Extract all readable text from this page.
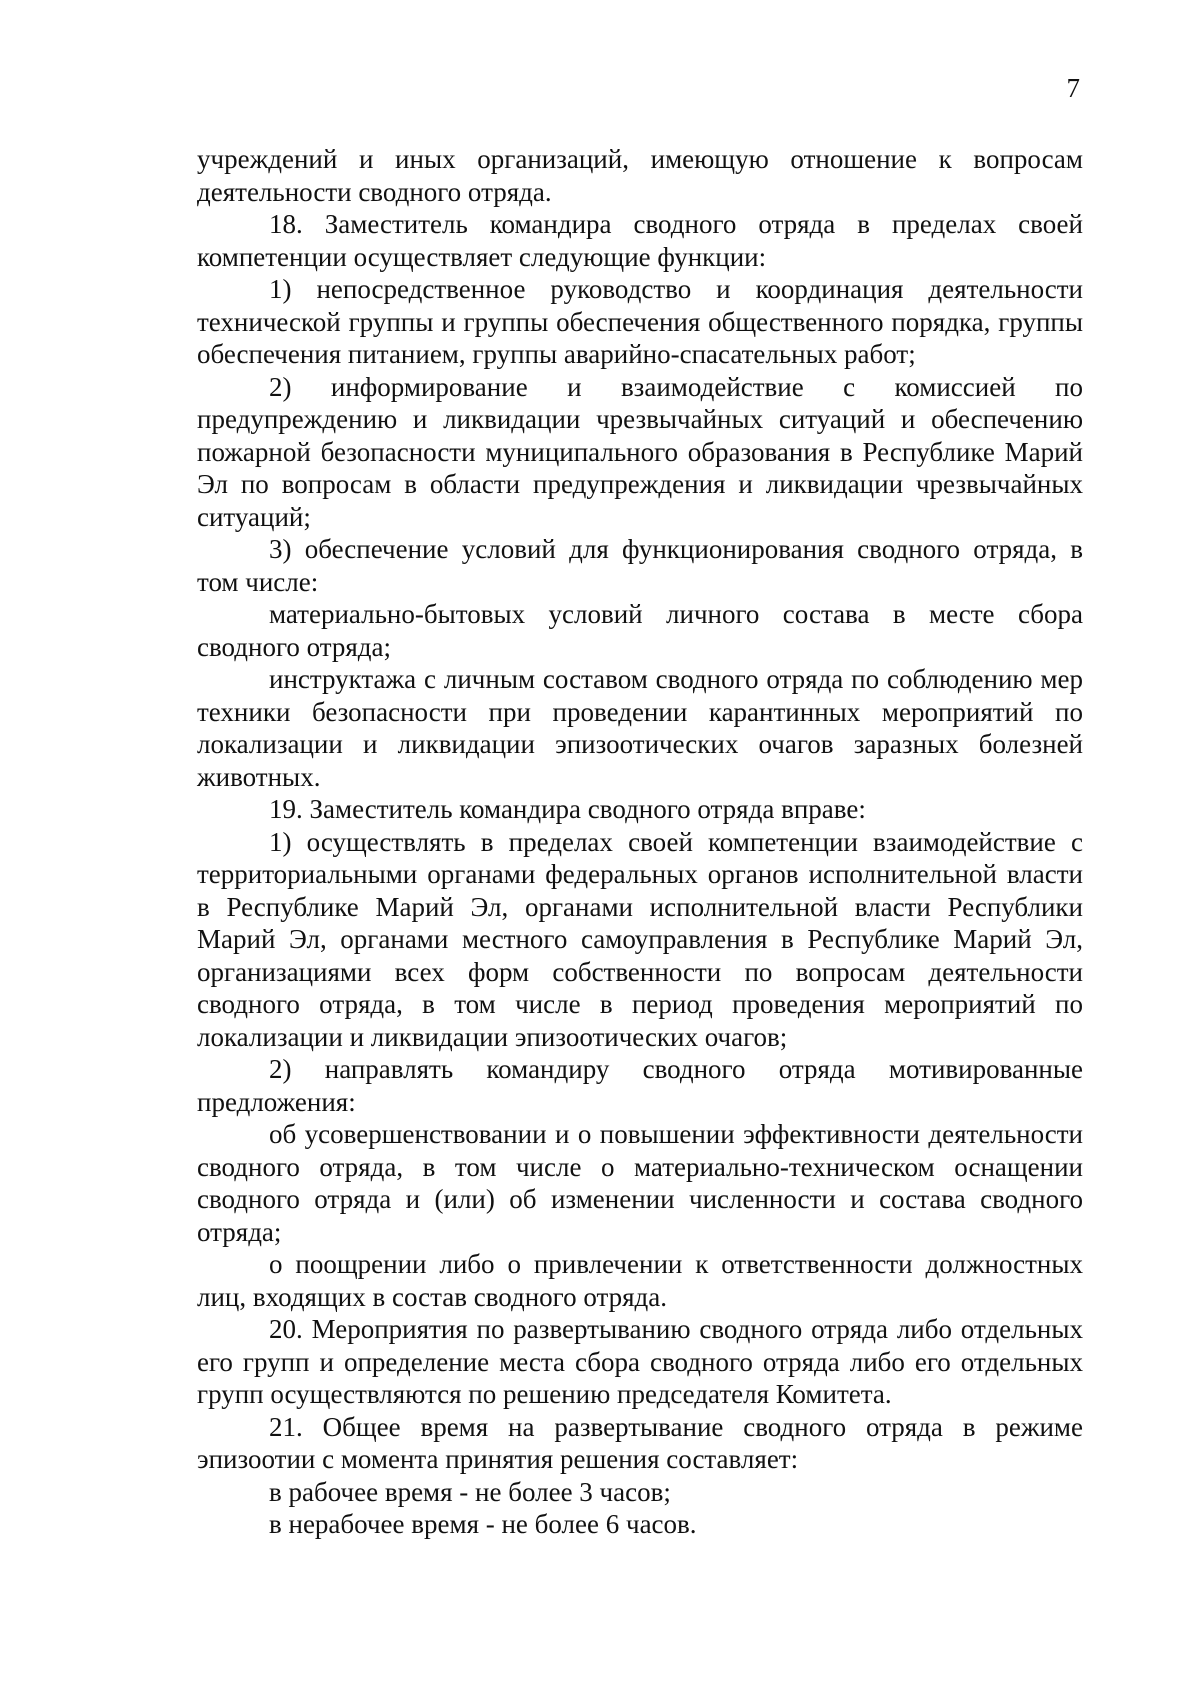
7

учреждений и иных организаций, имеющую отношение к вопросам деятельности сводного отряда.

18. Заместитель командира сводного отряда в пределах своей компетенции осуществляет следующие функции:

1) непосредственное руководство и координация деятельности технической группы и группы обеспечения общественного порядка, группы обеспечения питанием, группы аварийно-спасательных работ;

2) информирование и взаимодействие с комиссией по предупреждению и ликвидации чрезвычайных ситуаций и обеспечению пожарной безопасности муниципального образования в Республике Марий Эл по вопросам в области предупреждения и ликвидации чрезвычайных ситуаций;

3) обеспечение условий для функционирования сводного отряда, в том числе:

материально-бытовых условий личного состава в месте сбора сводного отряда;

инструктажа с личным составом сводного отряда по соблюдению мер техники безопасности при проведении карантинных мероприятий по локализации и ликвидации эпизоотических очагов заразных болезней животных.

19. Заместитель командира сводного отряда вправе:

1) осуществлять в пределах своей компетенции взаимодействие с территориальными органами федеральных органов исполнительной власти в Республике Марий Эл, органами исполнительной власти Республики Марий Эл, органами местного самоуправления в Республике Марий Эл, организациями всех форм собственности по вопросам деятельности сводного отряда, в том числе в период проведения мероприятий по локализации и ликвидации эпизоотических очагов;

2) направлять командиру сводного отряда мотивированные предложения:

об усовершенствовании и о повышении эффективности деятельности сводного отряда, в том числе о материально-техническом оснащении сводного отряда и (или) об изменении численности и состава сводного отряда;

о поощрении либо о привлечении к ответственности должностных лиц, входящих в состав сводного отряда.

20. Мероприятия по развертыванию сводного отряда либо отдельных его групп и определение места сбора сводного отряда либо его отдельных групп осуществляются по решению председателя Комитета.

21. Общее время на развертывание сводного отряда в режиме эпизоотии с момента принятия решения составляет:

в рабочее время - не более 3 часов;

в нерабочее время - не более 6 часов.
